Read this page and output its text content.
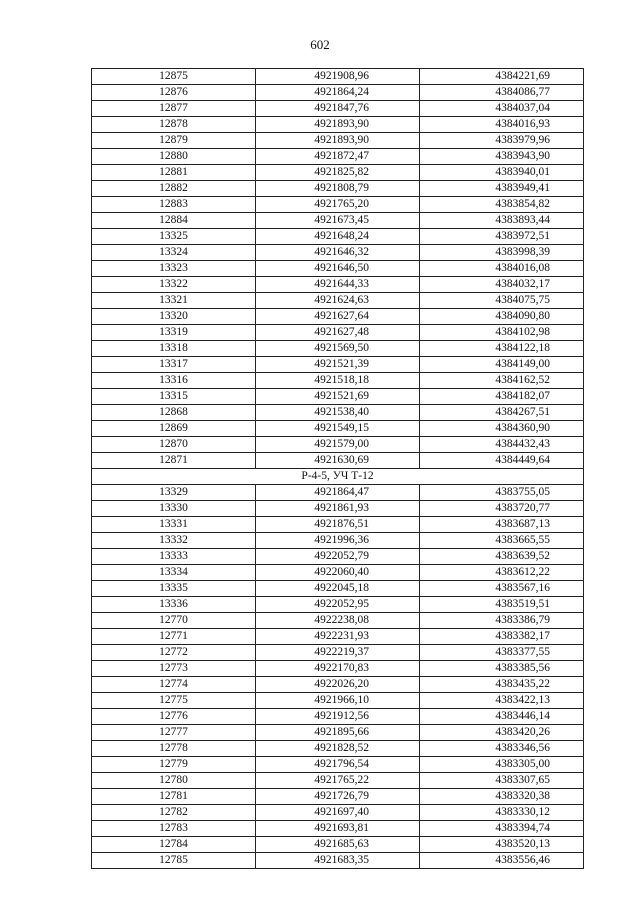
602
12875	4921908,96	4384221,69
12876	4921864,24	4384086,77
12877	4921847,76	4384037,04
12878	4921893,90	4384016,93
12879	4921893,90	4383979,96
12880	4921872,47	4383943,90
12881	4921825,82	4383940,01
12882	4921808,79	4383949,41
12883	4921765,20	4383854,82
12884	4921673,45	4383893,44
13325	4921648,24	4383972,51
13324	4921646,32	4383998,39
13323	4921646,50	4384016,08
13322	4921644,33	4384032,17
13321	4921624,63	4384075,75
13320	4921627,64	4384090,80
13319	4921627,48	4384102,98
13318	4921569,50	4384122,18
13317	4921521,39	4384149,00
13316	4921518,18	4384162,52
13315	4921521,69	4384182,07
12868	4921538,40	4384267,51
12869	4921549,15	4384360,90
12870	4921579,00	4384432,43
12871	4921630,69	4384449,64
Р-4-5, УЧ Т-12		
13329	4921864,47	4383755,05
13330	4921861,93	4383720,77
13331	4921876,51	4383687,13
13332	4921996,36	4383665,55
13333	4922052,79	4383639,52
13334	4922060,40	4383612,22
13335	4922045,18	4383567,16
13336	4922052,95	4383519,51
12770	4922238,08	4383386,79
12771	4922231,93	4383382,17
12772	4922219,37	4383377,55
12773	4922170,83	4383385,56
12774	4922026,20	4383435,22
12775	4921966,10	4383422,13
12776	4921912,56	4383446,14
12777	4921895,66	4383420,26
12778	4921828,52	4383346,56
12779	4921796,54	4383305,00
12780	4921765,22	4383307,65
12781	4921726,79	4383320,38
12782	4921697,40	4383330,12
12783	4921693,81	4383394,74
12784	4921685,63	4383520,13
12785	4921683,35	4383556,46
